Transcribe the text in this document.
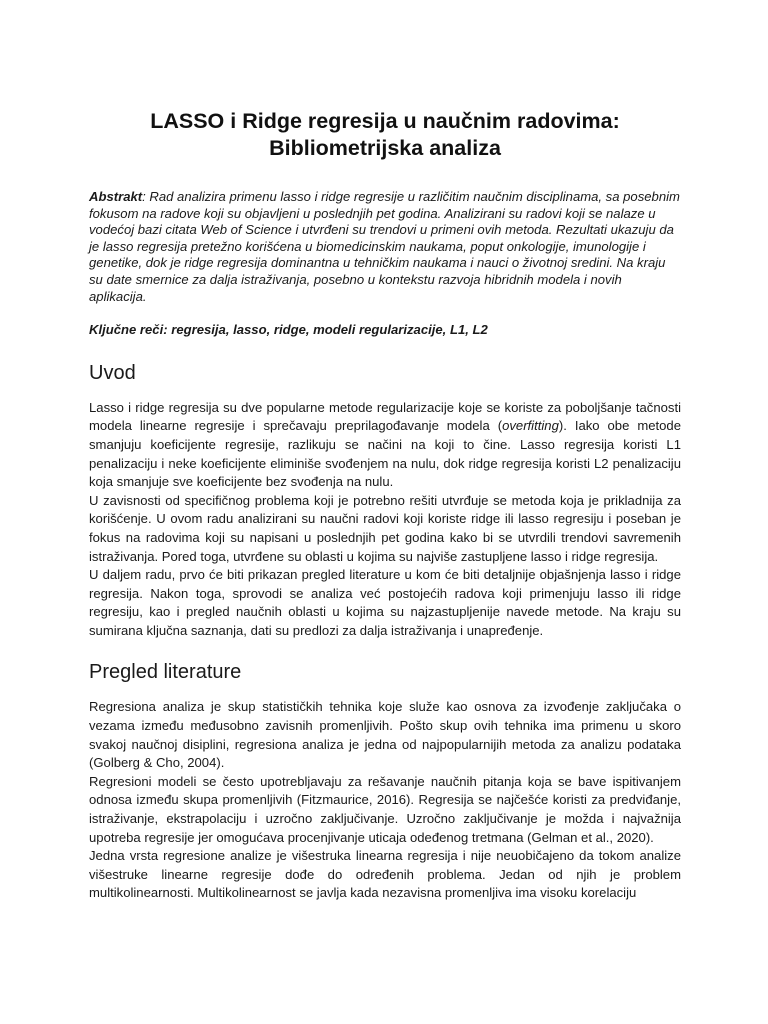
LASSO i Ridge regresija u naučnim radovima:
Bibliometrijska analiza

Abstrakt: Rad analizira primenu lasso i ridge regresije u različitim naučnim disciplinama, sa posebnim fokusom na radove koji su objavljeni u poslednjih pet godina. Analizirani su radovi koji se nalaze u vodećoj bazi citata Web of Science i utvrđeni su trendovi u primeni ovih metoda. Rezultati ukazuju da je lasso regresija pretežno korišćena u biomedicinskim naukama, poput onkologije, imunologije i genetike, dok je ridge regresija dominantna u tehničkim naukama i nauci o životnoj sredini. Na kraju su date smernice za dalja istraživanja, posebno u kontekstu razvoja hibridnih modela i novih aplikacija.

Ključne reči: regresija, lasso, ridge, modeli regularizacije, L1, L2

Uvod

Lasso i ridge regresija su dve popularne metode regularizacije koje se koriste za poboljšanje tačnosti modela linearne regresije i sprečavaju preprilagođavanje modela (overfitting). Iako obe metode smanjuju koeficijente regresije, razlikuju se načini na koji to čine. Lasso regresija koristi L1 penalizaciju i neke koeficijente eliminiše svođenjem na nulu, dok ridge regresija koristi L2 penalizaciju koja smanjuje sve koeficijente bez svođenja na nulu.

U zavisnosti od specifičnog problema koji je potrebno rešiti utvrđuje se metoda koja je prikladnija za korišćenje. U ovom radu analizirani su naučni radovi koji koriste ridge ili lasso regresiju i poseban je fokus na radovima koji su napisani u poslednjih pet godina kako bi se utvrdili trendovi savremenih istraživanja. Pored toga, utvrđene su oblasti u kojima su najviše zastupljene lasso i ridge regresija.

U daljem radu, prvo će biti prikazan pregled literature u kom će biti detaljnije objašnjenja lasso i ridge regresija. Nakon toga, sprovodi se analiza već postojećih radova koji primenjuju lasso ili ridge regresiju, kao i pregled naučnih oblasti u kojima su najzastupljenije navede metode. Na kraju su sumirana ključna saznanja, dati su predlozi za dalja istraživanja i unapređenje.

Pregled literature

Regresiona analiza je skup statističkih tehnika koje služe kao osnova za izvođenje zaključaka o vezama između međusobno zavisnih promenljivih. Pošto skup ovih tehnika ima primenu u skoro svakoj naučnoj disiplini, regresiona analiza je jedna od najpopularnijih metoda za analizu podataka (Golberg & Cho, 2004).

Regresioni modeli se često upotrebljavaju za rešavanje naučnih pitanja koja se bave ispitivanjem odnosa između skupa promenljivih (Fitzmaurice, 2016). Regresija se najčešće koristi za predviđanje, istraživanje, ekstrapolaciju i uzročno zaključivanje. Uzročno zaključivanje je možda i najvažnija upotreba regresije jer omogućava procenjivanje uticaja odeđenog tretmana (Gelman et al., 2020).

Jedna vrsta regresione analize je višestruka linearna regresija i nije neuobičajeno da tokom analize višestruke linearne regresije dođe do određenih problema. Jedan od njih je problem multikolinearnosti. Multikolinearnost se javlja kada nezavisna promenljiva ima visoku korelaciju
